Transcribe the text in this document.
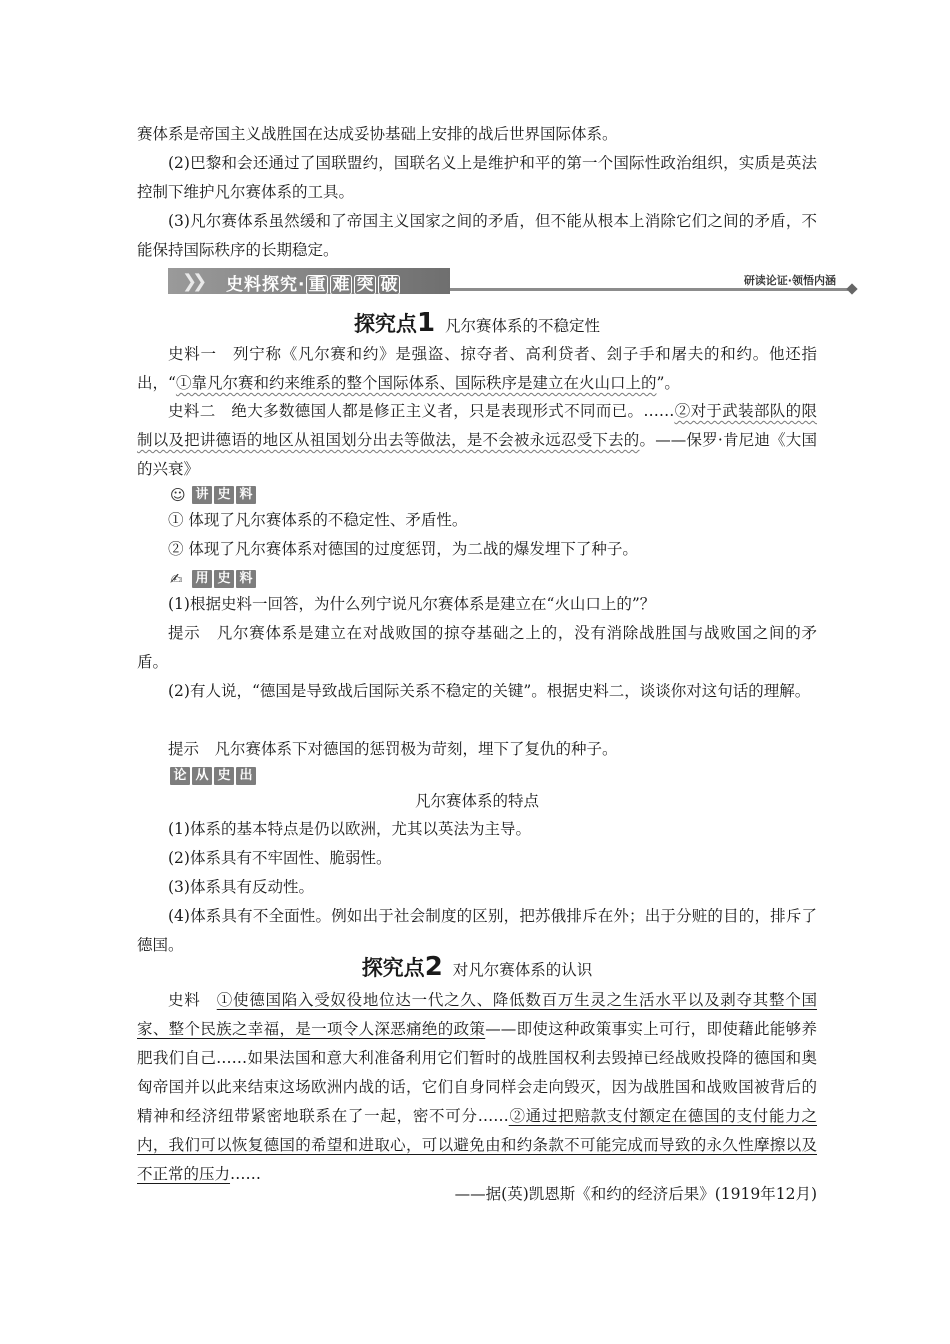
赛体系是帝国主义战胜国在达成妥协基础上安排的战后世界国际体系。
(2)巴黎和会还通过了国联盟约，国联名义上是维护和平的第一个国际性政治组织，实质是英法控制下维护凡尔赛体系的工具。
(3)凡尔赛体系虽然缓和了帝国主义国家之间的矛盾，但不能从根本上消除它们之间的矛盾，不能保持国际秩序的长期稳定。
❯❯ 史料探究· 重 难 突 破	研读论证·领悟内涵
探究点1 凡尔赛体系的不稳定性
史料一　列宁称《凡尔赛和约》是强盗、掠夺者、高利贷者、刽子手和屠夫的和约。他还指出，“①靠凡尔赛和约来维系的整个国际体系、国际秩序是建立在火山口上的”。
史料二　绝大多数德国人都是修正主义者，只是表现形式不同而已。……②对于武装部队的限制以及把讲德语的地区从祖国划分出去等做法，是不会被永远忍受下去的。——保罗·肯尼迪《大国的兴衰》
☺ 讲 史 料
① 体现了凡尔赛体系的不稳定性、矛盾性。
② 体现了凡尔赛体系对德国的过度惩罚，为二战的爆发埋下了种子。
✍ 用 史 料
(1)根据史料一回答，为什么列宁说凡尔赛体系是建立在“火山口上的”？
提示　凡尔赛体系是建立在对战败国的掠夺基础之上的，没有消除战胜国与战败国之间的矛盾。
(2)有人说，“德国是导致战后国际关系不稳定的关键”。根据史料二，谈谈你对这句话的理解。
提示　凡尔赛体系下对德国的惩罚极为苛刻，埋下了复仇的种子。
论 从 史 出
凡尔赛体系的特点
(1)体系的基本特点是仍以欧洲，尤其以英法为主导。
(2)体系具有不牢固性、脆弱性。
(3)体系具有反动性。
(4)体系具有不全面性。例如出于社会制度的区别，把苏俄排斥在外；出于分赃的目的，排斥了德国。
探究点2 对凡尔赛体系的认识
史料　①使德国陷入受奴役地位达一代之久、降低数百万生灵之生活水平以及剥夺其整个国家、整个民族之幸福，是一项令人深恶痛绝的政策——即使这种政策事实上可行，即使藉此能够养肥我们自己……如果法国和意大利准备利用它们暂时的战胜国权利去毁掉已经战败投降的德国和奥匈帝国并以此来结束这场欧洲内战的话，它们自身同样会走向毁灭，因为战胜国和战败国被背后的精神和经济纽带紧密地联系在了一起，密不可分……②通过把赔款支付额定在德国的支付能力之内，我们可以恢复德国的希望和进取心，可以避免由和约条款不可能完成而导致的永久性摩擦以及不正常的压力……
——据(英)凯恩斯《和约的经济后果》(1919年12月)
